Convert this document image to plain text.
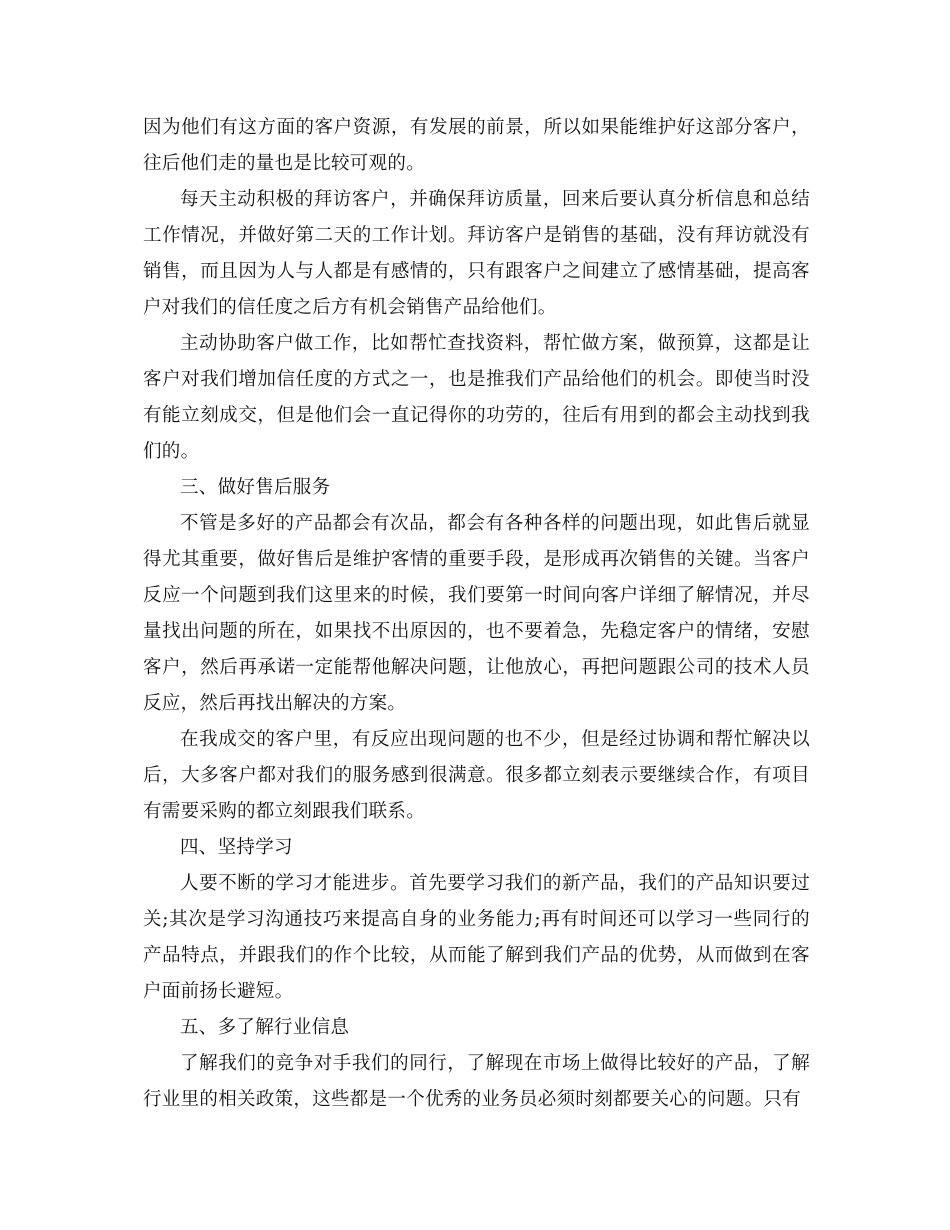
因为他们有这方面的客户资源，有发展的前景，所以如果能维护好这部分客户，往后他们走的量也是比较可观的。

每天主动积极的拜访客户，并确保拜访质量，回来后要认真分析信息和总结工作情况，并做好第二天的工作计划。拜访客户是销售的基础，没有拜访就没有销售，而且因为人与人都是有感情的，只有跟客户之间建立了感情基础，提高客户对我们的信任度之后方有机会销售产品给他们。

主动协助客户做工作，比如帮忙查找资料，帮忙做方案，做预算，这都是让客户对我们增加信任度的方式之一，也是推我们产品给他们的机会。即使当时没有能立刻成交，但是他们会一直记得你的功劳的，往后有用到的都会主动找到我们的。

三、做好售后服务

不管是多好的产品都会有次品，都会有各种各样的问题出现，如此售后就显得尤其重要，做好售后是维护客情的重要手段，是形成再次销售的关键。当客户反应一个问题到我们这里来的时候，我们要第一时间向客户详细了解情况，并尽量找出问题的所在，如果找不出原因的，也不要着急，先稳定客户的情绪，安慰客户，然后再承诺一定能帮他解决问题，让他放心，再把问题跟公司的技术人员反应，然后再找出解决的方案。

在我成交的客户里，有反应出现问题的也不少，但是经过协调和帮忙解决以后，大多客户都对我们的服务感到很满意。很多都立刻表示要继续合作，有项目有需要采购的都立刻跟我们联系。

四、坚持学习

人要不断的学习才能进步。首先要学习我们的新产品，我们的产品知识要过关;其次是学习沟通技巧来提高自身的业务能力;再有时间还可以学习一些同行的产品特点，并跟我们的作个比较，从而能了解到我们产品的优势，从而做到在客户面前扬长避短。

五、多了解行业信息

了解我们的竞争对手我们的同行，了解现在市场上做得比较好的产品，了解行业里的相关政策，这些都是一个优秀的业务员必须时刻都要关心的问题。只有
